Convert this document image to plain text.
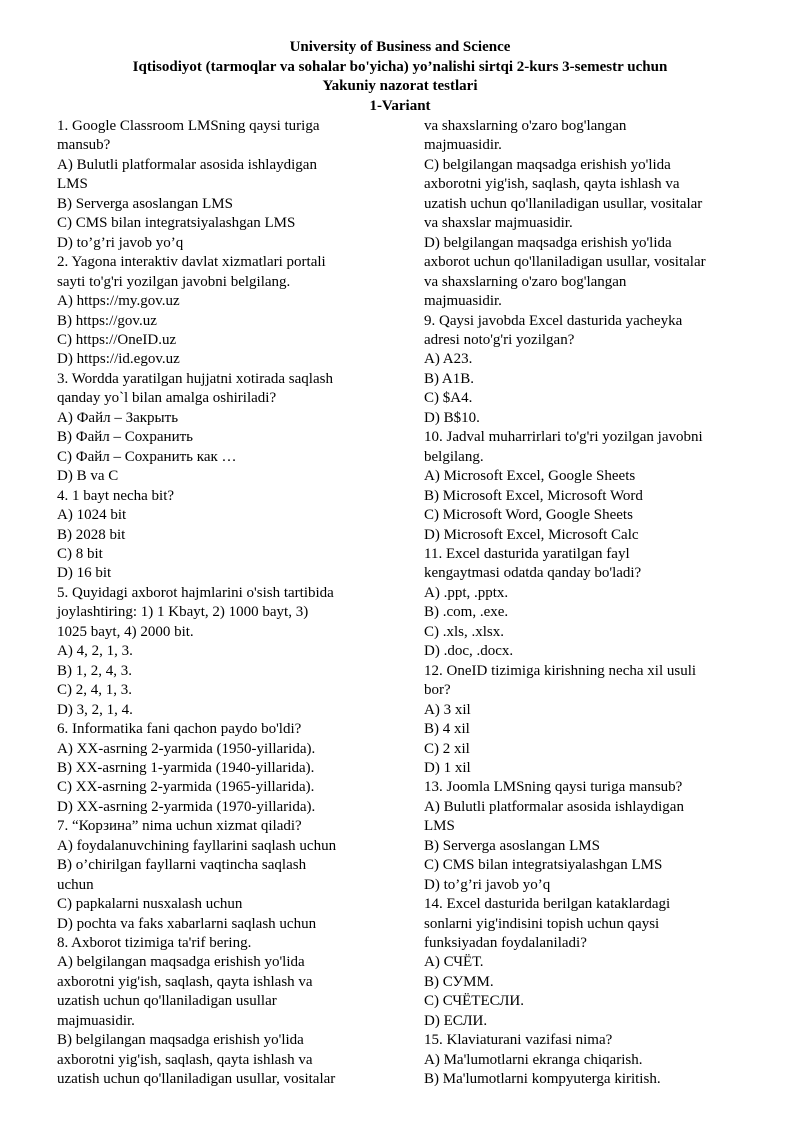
University of Business and Science
Iqtisodiyot (tarmoqlar va sohalar bo'yicha) yo’nalishi sirtqi 2-kurs 3-semestr uchun
Yakuniy nazorat testlari
1-Variant
1. Google Classroom LMSning qaysi turiga
mansub?
A) Bulutli platformalar asosida ishlaydigan
LMS
B) Serverga asoslangan LMS
C) CMS bilan integratsiyalashgan LMS
D) to’g’ri javob yo’q
2. Yagona interaktiv davlat xizmatlari portali
sayti to'g'ri yozilgan javobni belgilang.
A) https://my.gov.uz
B) https://gov.uz
C) https://OneID.uz
D) https://id.egov.uz
3. Wordda yaratilgan hujjatni xotirada saqlash
qanday yo`l bilan amalga oshiriladi?
A) Файл – Закрыть
B) Файл – Сохранить
C) Файл – Сохранить как …
D) B va C
4. 1 bayt necha bit?
A) 1024 bit
B) 2028 bit
C) 8 bit
D) 16 bit
5. Quyidagi axborot hajmlarini o'sish tartibida
joylashtiring: 1) 1 Kbayt, 2) 1000 bayt, 3)
1025 bayt, 4) 2000 bit.
A) 4, 2, 1, 3.
B) 1, 2, 4, 3.
C) 2, 4, 1, 3.
D) 3, 2, 1, 4.
6. Informatika fani qachon paydo bo'ldi?
A) XX-asrning 2-yarmida (1950-yillarida).
B) XX-asrning 1-yarmida (1940-yillarida).
C) XX-asrning 2-yarmida (1965-yillarida).
D) XX-asrning 2-yarmida (1970-yillarida).
7. “Корзина” nima uchun xizmat qiladi?
A) foydalanuvchining fayllarini saqlash uchun
B) o’chirilgan fayllarni vaqtincha saqlash
uchun
C) papkalarni nusxalash uchun
D) pochta va faks xabarlarni saqlash uchun
8. Axborot tizimiga ta'rif bering.
A) belgilangan maqsadga erishish yo'lida
axborotni yig'ish, saqlash, qayta ishlash va
uzatish uchun qo'llaniladigan usullar
majmuasidir.
B) belgilangan maqsadga erishish yo'lida
axborotni yig'ish, saqlash, qayta ishlash va
uzatish uchun qo'llaniladigan usullar, vositalar
va shaxslarning o'zaro bog'langan
majmuasidir.
C) belgilangan maqsadga erishish yo'lida
axborotni yig'ish, saqlash, qayta ishlash va
uzatish uchun qo'llaniladigan usullar, vositalar
va shaxslar majmuasidir.
D) belgilangan maqsadga erishish yo'lida
axborot uchun qo'llaniladigan usullar, vositalar
va shaxslarning o'zaro bog'langan
majmuasidir.
9. Qaysi javobda Excel dasturida yacheyka
adresi noto'g'ri yozilgan?
A) A23.
B) A1B.
C) $A4.
D) B$10.
10. Jadval muharrirlari to'g'ri yozilgan javobni
belgilang.
A) Microsoft Excel, Google Sheets
B) Microsoft Excel, Microsoft Word
C) Microsoft Word, Google Sheets
D) Microsoft Excel, Microsoft Calc
11. Excel dasturida yaratilgan fayl
kengaytmasi odatda qanday bo'ladi?
A) .ppt, .pptx.
B) .com, .exe.
C) .xls, .xlsx.
D) .doc, .docx.
12. OneID tizimiga kirishning necha xil usuli
bor?
A) 3 xil
B) 4 xil
C) 2 xil
D) 1 xil
13. Joomla LMSning qaysi turiga mansub?
A) Bulutli platformalar asosida ishlaydigan
LMS
B) Serverga asoslangan LMS
C) CMS bilan integratsiyalashgan LMS
D) to’g’ri javob yo’q
14. Excel dasturida berilgan kataklardagi
sonlarni yig'indisini topish uchun qaysi
funksiyadan foydalaniladi?
A) СЧЁТ.
B) СУММ.
C) СЧЁТЕСЛИ.
D) ЕСЛИ.
15. Klaviaturani vazifasi nima?
A) Ma'lumotlarni ekranga chiqarish.
B) Ma'lumotlarni kompyuterga kiritish.
